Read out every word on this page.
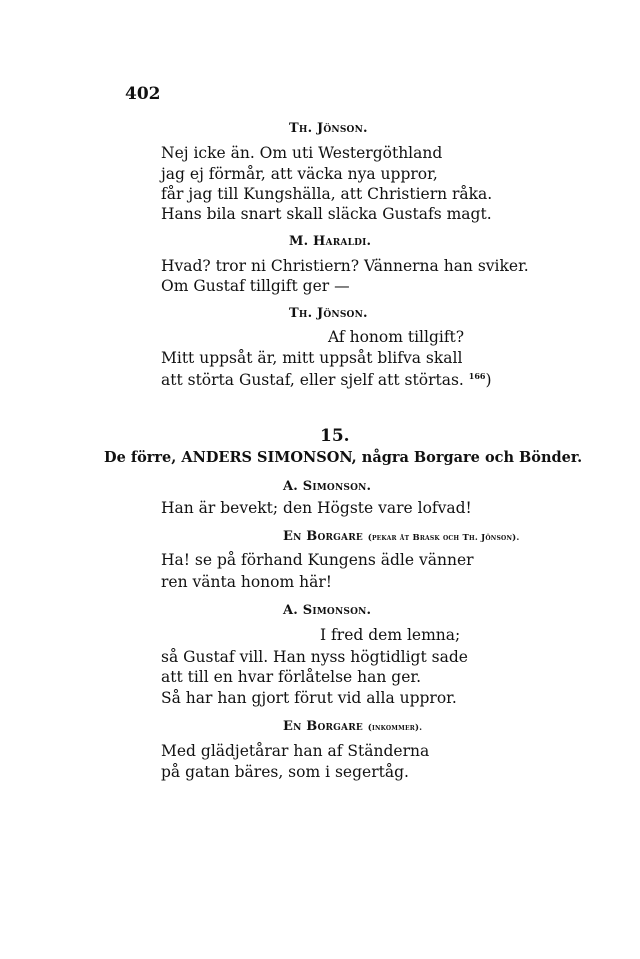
402
Th. Jönson.
Nej icke än. Om uti Westergöthland
jag ej förmår, att väcka nya uppror,
får jag till Kungshälla, att Christiern råka.
Hans bila snart skall släcka Gustafs magt.
M. Haraldi.
Hvad? tror ni Christiern? Vännerna han sviker.
Om Gustaf tillgift ger —
Th. Jönson.
Af honom tillgift?
Mitt uppsåt är, mitt uppsåt blifva skall
att störta Gustaf, eller sjelf att störtas. $^{166}$)
15.
De förre, ANDERS SIMONSON, några Borgare och Bönder.
A. Simonson.
Han är bevekt; den Högste vare lofvad!
En Borgare (pekar åt Brask och Th. Jönson).
Ha! se på förhand Kungens ädle vänner
ren vänta honom här!
A. Simonson.
I fred dem lemna;
så Gustaf vill. Han nyss högtidligt sade
att till en hvar förlåtelse han ger.
Så har han gjort förut vid alla uppror.
En Borgare (inkommer).
Med glädjetårar han af Ständerna
på gatan bäres, som i segertåg.
